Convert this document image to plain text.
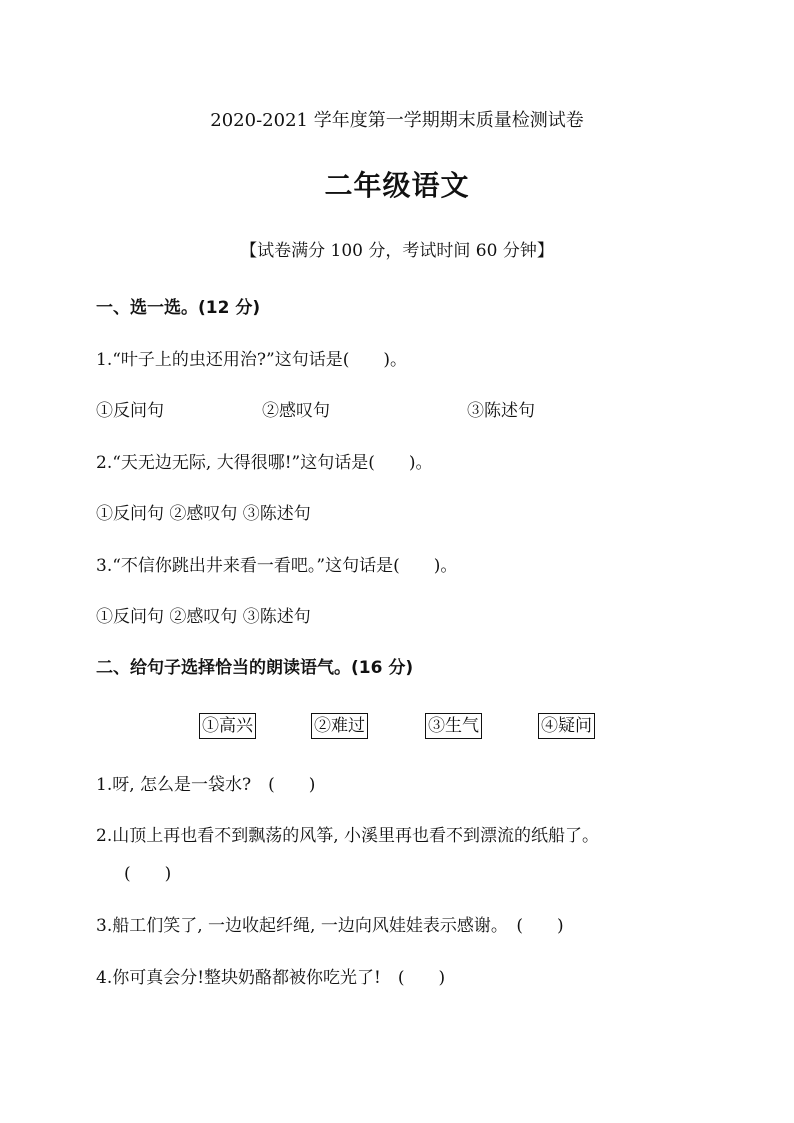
2020-2021 学年度第一学期期末质量检测试卷
二年级语文
【试卷满分 100 分，考试时间 60 分钟】
一、选一选。(12 分)
1.“叶子上的虫还用治?”这句话是(　　)。
①反问句	②感叹句	③陈述句
2.“天无边无际, 大得很哪!”这句话是(　　)。
①反问句 ②感叹句 ③陈述句
3.“不信你跳出井来看一看吧。”这句话是(　　)。
①反问句 ②感叹句 ③陈述句
二、给句子选择恰当的朗读语气。(16 分)
①高兴	②难过	③生气	④疑问
1.呀, 怎么是一袋水?　(　　)
2.山顶上再也看不到飘荡的风筝, 小溪里再也看不到漂流的纸船了。
(　　)
3.船工们笑了, 一边收起纤绳, 一边向风娃娃表示感谢。　(　　)
4.你可真会分!整块奶酪都被你吃光了!　(　　)
